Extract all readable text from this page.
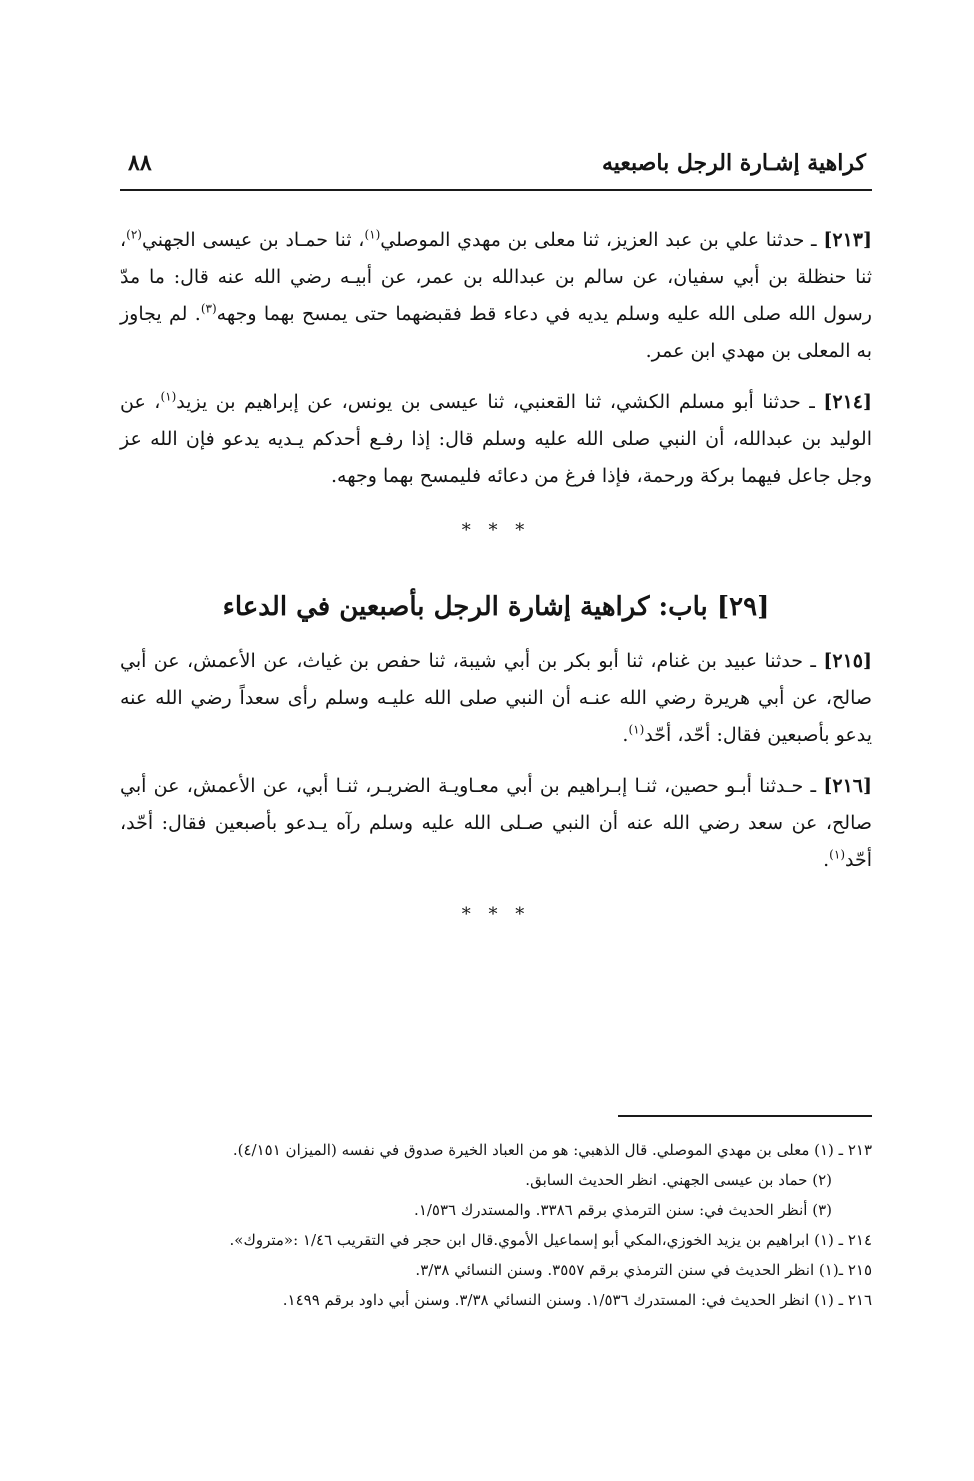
كراهية إشـارة الرجل باصبعيه
٨٨

[٢١٣] ـ حدثنا علي بن عبد العزيز، ثنا معلى بن مهدي الموصلي$^{(١)}$، ثنا حمـاد بن عيسى الجهني$^{(٢)}$، ثنا حنظلة بن أبي سفيان، عن سالم بن عبدالله بن عمر، عن أبيـه رضي الله عنه قال: ما مدّ رسول الله صلى الله عليه وسلم يديه في دعاء قط فقبضهما حتى يمسح بهما وجهه$^{(٣)}$. لم يجاوز به المعلى بن مهدي ابن عمر.

[٢١٤] ـ حدثنا أبو مسلم الكشي، ثنا القعنبي، ثنا عيسى بن يونس، عن إبراهيم بن يزيد$^{(١)}$، عن الوليد بن عبدالله، أن النبي صلى الله عليه وسلم قال: إذا رفـع أحدكم يـديه يدعو فإن الله عز وجل جاعل فيهما بركة ورحمة، فإذا فرغ من دعائه فليمسح بهما وجهه.

* * *
[٢٩] باب: كراهية إشارة الرجل بأصبعين في الدعاء

[٢١٥] ـ حدثنا عبيد بن غنام، ثنا أبو بكر بن أبي شيبة، ثنا حفص بن غياث، عن الأعمش، عن أبي صالح، عن أبي هريرة رضي الله عنـه أن النبي صلى الله عليـه وسلم رأى سعداً رضي الله عنه يدعو بأصبعين فقال: أحّد، أحّد$^{(١)}$.

[٢١٦] ـ حـدثنا أبـو حصين، ثنـا إبـراهيم بن أبي معـاويـة الضريـر، ثنـا أبي، عن الأعمش، عن أبي صالح، عن سعد رضي الله عنه أن النبي صـلى الله عليه وسلم رآه يـدعو بأصبعين فقال: أحّد، أحّد$^{(١)}$.

* * *

٢١٣ ـ (١) معلى بن مهدي الموصلي. قال الذهبي: هو من العباد الخيرة صدوق في نفسه (الميزان ٤/١٥١).

(٢) حماد بن عيسى الجهني. انظر الحديث السابق.

(٣) أنظر الحديث في: سنن الترمذي برقم ٣٣٨٦. والمستدرك ١/٥٣٦.

٢١٤ ـ (١) ابراهيم بن يزيد الخوزي،المكي أبو إسماعيل الأموي.قال ابن حجر في التقريب ١/٤٦ :«متروك».

٢١٥ ـ(١) انظر الحديث في سنن الترمذي برقم ٣٥٥٧. وسنن النسائي ٣/٣٨.

٢١٦ ـ (١) انظر الحديث في: المستدرك ١/٥٣٦. وسنن النسائي ٣/٣٨. وسنن أبي داود برقم ١٤٩٩.
